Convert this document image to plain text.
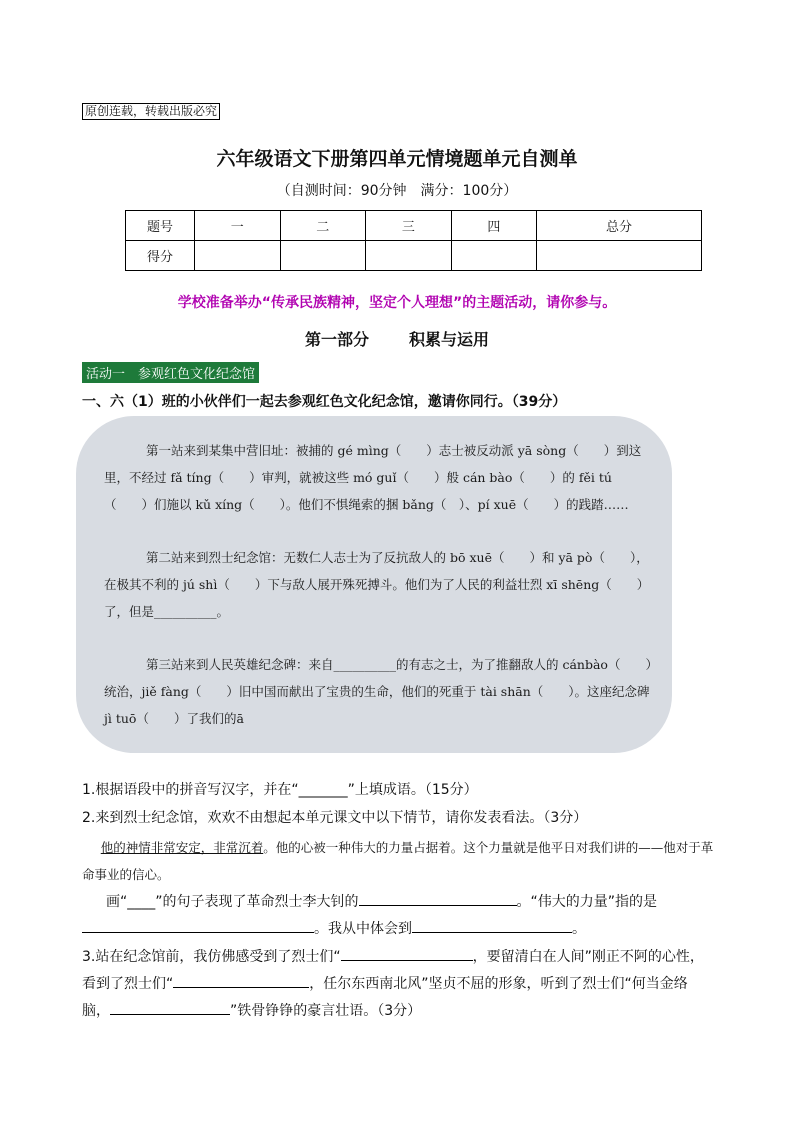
原创连载，转载出版必究
六年级语文下册第四单元情境题单元自测单
（自测时间：90分钟　满分：100分）
题号	一	二	三	四	总分
得分					
学校准备举办“传承民族精神，坚定个人理想”的主题活动，请你参与。
第一部分	积累与运用
活动一　参观红色文化纪念馆
一、六（1）班的小伙伴们一起去参观红色文化纪念馆，邀请你同行。（39分）
第一站来到某集中营旧址：被捕的 gé mìng（　　）志士被反动派 yā sòng（　　）到这里，不经过 fǎ tíng（　　）审判，就被这些 mó guǐ（　　）般 cán bào（　　）的 fěi tú（　　）们施以 kǔ xíng（　　）。他们不惧绳索的捆 bǎng（　）、pí xuē（　　）的践踏……
第二站来到烈士纪念馆：无数仁人志士为了反抗敌人的 bō xuē（　　）和 yā pò（　　），在极其不利的 jú shì（　　）下与敌人展开殊死搏斗。他们为了人民的利益壮烈 xī shēng（　　）了，但是__________。
第三站来到人民英雄纪念碑：来自__________的有志之士，为了推翻敌人的 cánbào（　　）统治，jiě fàng（　　）旧中国而献出了宝贵的生命，他们的死重于 tài shān（　　）。这座纪念碑 jì tuō（　　）了我们的ā
1.根据语段中的拼音写汉字，并在“_______”上填成语。（15分）
2.来到烈士纪念馆，欢欢不由想起本单元课文中以下情节，请你发表看法。（3分）
  他的神情非常安定，非常沉着。他的心被一种伟大的力量占据着。这个力量就是他平日对我们讲的——他对于革命事业的信心。
画“____”的句子表现了革命烈士李大钊的	。“伟大的力量”指的是。我从中体会到	。
3.站在纪念馆前，我仿佛感受到了烈士们“	，要留清白在人间”刚正不阿的心性，看到了烈士们“	，任尔东西南北风”坚贞不屈的形象，听到了烈士们“何当金络脑，	”铁骨铮铮的豪言壮语。（3分）
